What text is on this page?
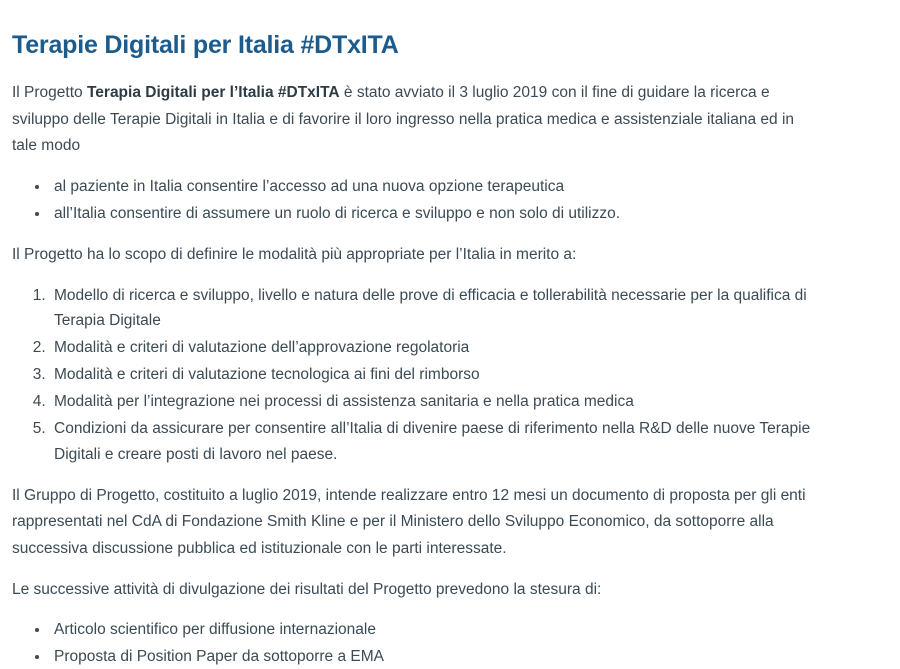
Terapie Digitali per Italia #DTxITA

Il Progetto Terapia Digitali per l’Italia #DTxITA è stato avviato il 3 luglio 2019 con il fine di guidare la ricerca e sviluppo delle Terapie Digitali in Italia e di favorire il loro ingresso nella pratica medica e assistenziale italiana ed in tale modo

• al paziente in Italia consentire l’accesso ad una nuova opzione terapeutica
• all’Italia consentire di assumere un ruolo di ricerca e sviluppo e non solo di utilizzo.

Il Progetto ha lo scopo di definire le modalità più appropriate per l’Italia in merito a:

1. Modello di ricerca e sviluppo, livello e natura delle prove di efficacia e tollerabilità necessarie per la qualifica di Terapia Digitale
2. Modalità e criteri di valutazione dell’approvazione regolatoria
3. Modalità e criteri di valutazione tecnologica ai fini del rimborso
4. Modalità per l’integrazione nei processi di assistenza sanitaria e nella pratica medica
5. Condizioni da assicurare per consentire all’Italia di divenire paese di riferimento nella R&D delle nuove Terapie Digitali e creare posti di lavoro nel paese.

Il Gruppo di Progetto, costituito a luglio 2019, intende realizzare entro 12 mesi un documento di proposta per gli enti rappresentati nel CdA di Fondazione Smith Kline e per il Ministero dello Sviluppo Economico, da sottoporre alla successiva discussione pubblica ed istituzionale con le parti interessate.

Le successive attività di divulgazione dei risultati del Progetto prevedono la stesura di:

• Articolo scientifico per diffusione internazionale
• Proposta di Position Paper da sottoporre a EMA
